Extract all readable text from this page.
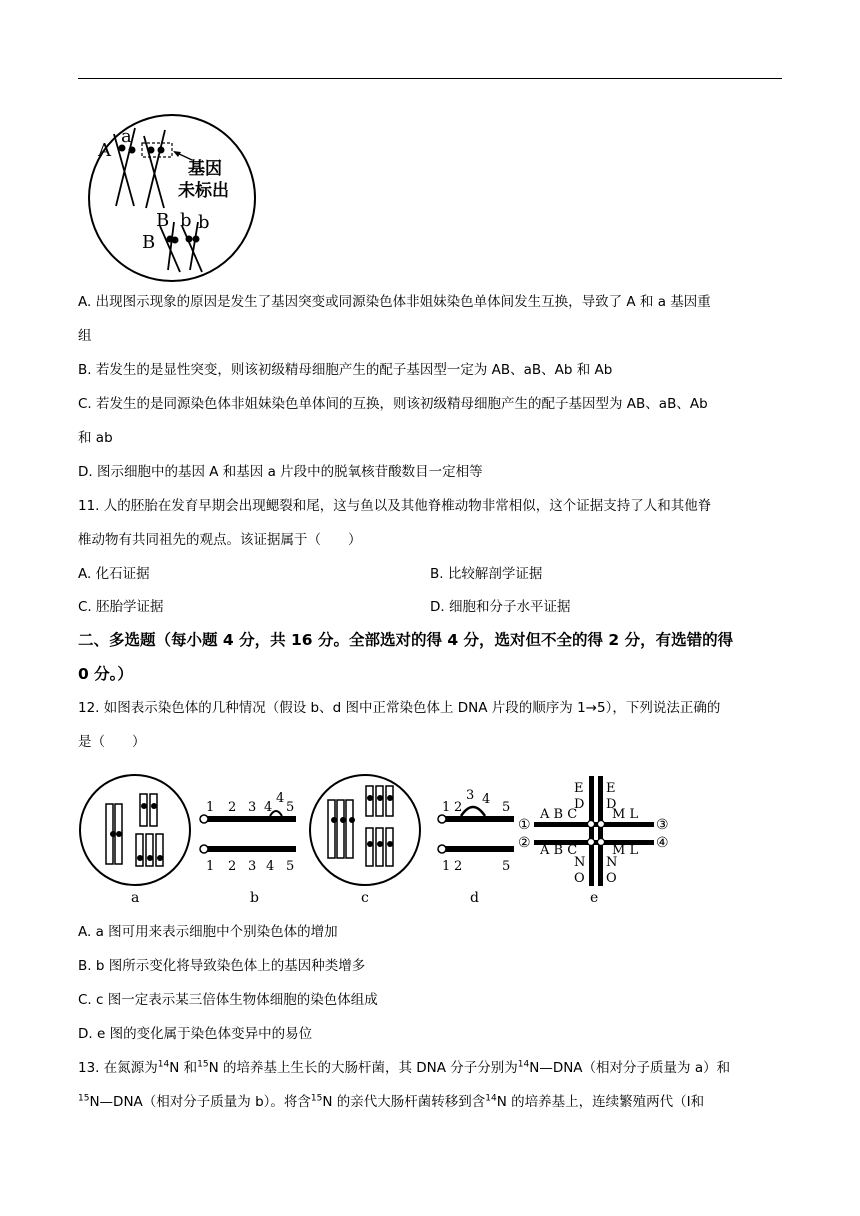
A
a
基因
未标出
B b b
B
A. 出现图示现象的原因是发生了基因突变或同源染色体非姐妹染色单体间发生互换，导致了 A 和 a 基因重
组
B. 若发生的是显性突变，则该初级精母细胞产生的配子基因型一定为 AB、aB、Ab 和 Ab
C. 若发生的是同源染色体非姐妹染色单体间的互换，则该初级精母细胞产生的配子基因型为 AB、aB、Ab
和 ab
D. 图示细胞中的基因 A 和基因 a 片段中的脱氧核苷酸数目一定相等
11. 人的胚胎在发育早期会出现鳃裂和尾，这与鱼以及其他脊椎动物非常相似，这个证据支持了人和其他脊
椎动物有共同祖先的观点。该证据属于（　　）
A. 化石证据	B. 比较解剖学证据
C. 胚胎学证据	D. 细胞和分子水平证据
二、多选题（每小题 4 分，共 16 分。全部选对的得 4 分，选对但不全的得 2 分，有选错的得
0 分。）
12. 如图表示染色体的几种情况（假设 b、d 图中正常染色体上 DNA 片段的顺序为 1→5），下列说法正确的
是（　　）
a
1 2 3 4
4
5
1 2 3 4 5
b	c
1 2
3 4
5
1 2	5
d
A B C	M L
A B C	M L
E
D
E
D
N
O
N
O
①
②
③
④
e
A. a 图可用来表示细胞中个别染色体的增加
B. b 图所示变化将导致染色体上的基因种类增多
C. c 图一定表示某三倍体生物体细胞的染色体组成
D. e 图的变化属于染色体变异中的易位
13. 在氮源为$^{14}$N 和$^{15}$N 的培养基上生长的大肠杆菌，其 DNA 分子分别为$^{14}$N—DNA（相对分子质量为 a）和
$^{15}$N—DNA（相对分子质量为 b）。将含$^{15}$N 的亲代大肠杆菌转移到含$^{14}$N 的培养基上，连续繁殖两代（Ⅰ和
